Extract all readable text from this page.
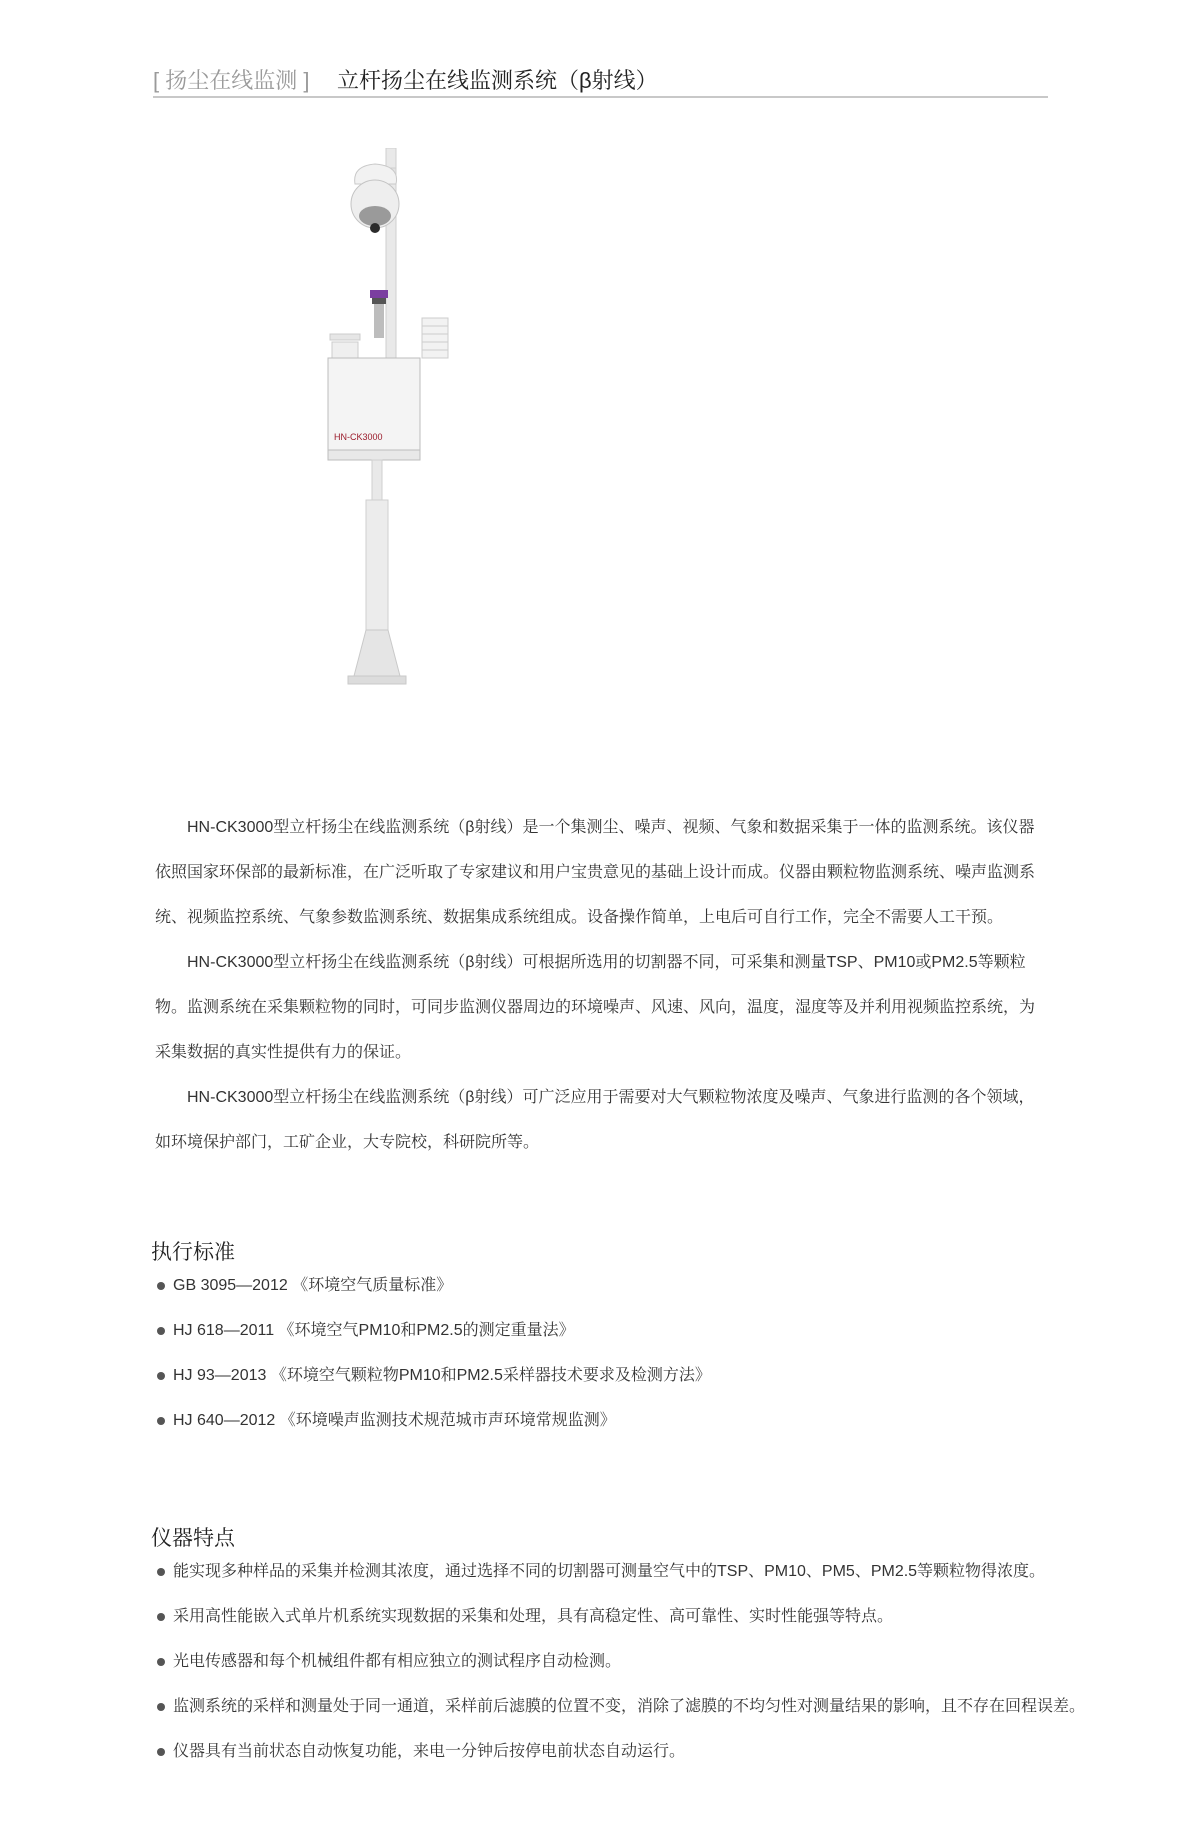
[ 扬尘在线监测 ] 立杆扬尘在线监测系统（β射线）
HN-CK3000

HN-CK3000型立杆扬尘在线监测系统（β射线）是一个集测尘、噪声、视频、气象和数据采集于一体的监测系统。该仪器依照国家环保部的最新标准，在广泛听取了专家建议和用户宝贵意见的基础上设计而成。仪器由颗粒物监测系统、噪声监测系统、视频监控系统、气象参数监测系统、数据集成系统组成。设备操作简单，上电后可自行工作，完全不需要人工干预。

HN-CK3000型立杆扬尘在线监测系统（β射线）可根据所选用的切割器不同，可采集和测量TSP、PM10或PM2.5等颗粒物。监测系统在采集颗粒物的同时，可同步监测仪器周边的环境噪声、风速、风向，温度，湿度等及并利用视频监控系统，为采集数据的真实性提供有力的保证。

HN-CK3000型立杆扬尘在线监测系统（β射线）可广泛应用于需要对大气颗粒物浓度及噪声、气象进行监测的各个领域，如环境保护部门，工矿企业，大专院校，科研院所等。

执行标准
GB 3095—2012 《环境空气质量标准》
HJ 618—2011 《环境空气PM10和PM2.5的测定重量法》
HJ 93—2013 《环境空气颗粒物PM10和PM2.5采样器技术要求及检测方法》
HJ 640—2012 《环境噪声监测技术规范城市声环境常规监测》
仪器特点
能实现多种样品的采集并检测其浓度，通过选择不同的切割器可测量空气中的TSP、PM10、PM5、PM2.5等颗粒物得浓度。
采用高性能嵌入式单片机系统实现数据的采集和处理，具有高稳定性、高可靠性、实时性能强等特点。
光电传感器和每个机械组件都有相应独立的测试程序自动检测。
监测系统的采样和测量处于同一通道，采样前后滤膜的位置不变，消除了滤膜的不均匀性对测量结果的影响，且不存在回程误差。
仪器具有当前状态自动恢复功能，来电一分钟后按停电前状态自动运行。
